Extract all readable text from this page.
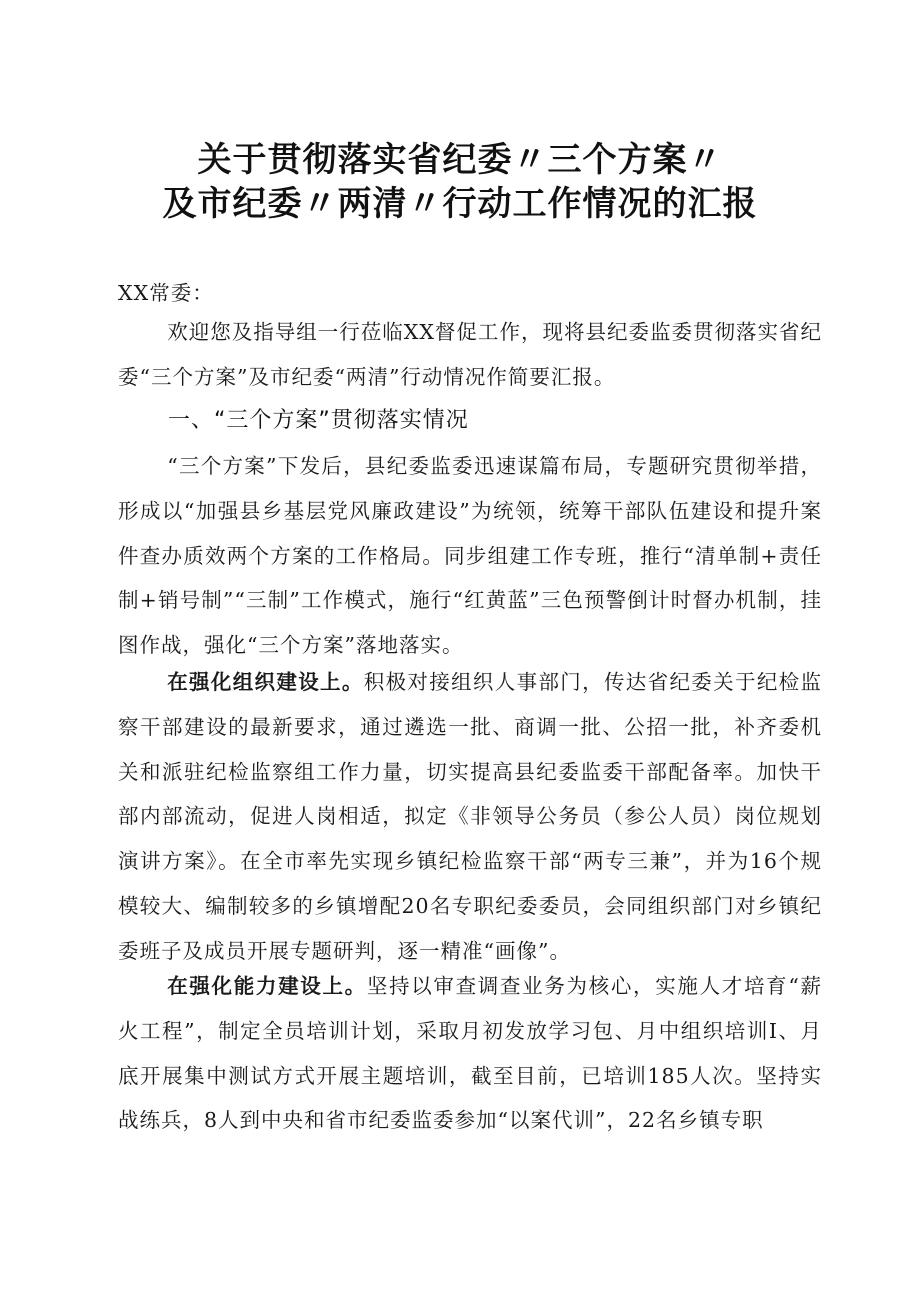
关于贯彻落实省纪委〃三个方案〃
及市纪委〃两清〃行动工作情况的汇报
XX常委：
欢迎您及指导组一行莅临XX督促工作，现将县纪委监委贯彻落实省纪委“三个方案”及市纪委“两清”行动情况作简要汇报。
一、“三个方案”贯彻落实情况
“三个方案”下发后，县纪委监委迅速谋篇布局，专题研究贯彻举措，形成以“加强县乡基层党风廉政建设”为统领，统筹干部队伍建设和提升案件查办质效两个方案的工作格局。同步组建工作专班，推行“清单制+责任制+销号制”“三制”工作模式，施行“红黄蓝”三色预警倒计时督办机制，挂图作战，强化“三个方案”落地落实。
在强化组织建设上。积极对接组织人事部门，传达省纪委关于纪检监察干部建设的最新要求，通过遴选一批、商调一批、公招一批，补齐委机关和派驻纪检监察组工作力量，切实提高县纪委监委干部配备率。加快干部内部流动，促进人岗相适，拟定《非领导公务员（参公人员）岗位规划演讲方案》。在全市率先实现乡镇纪检监察干部“两专三兼”，并为16个规模较大、编制较多的乡镇增配20名专职纪委委员，会同组织部门对乡镇纪委班子及成员开展专题研判，逐一精准“画像”。
在强化能力建设上。坚持以审查调查业务为核心，实施人才培育“薪火工程”，制定全员培训计划，采取月初发放学习包、月中组织培训I、月底开展集中测试方式开展主题培训，截至目前，已培训185人次。坚持实战练兵，8人到中央和省市纪委监委参加“以案代训”，22名乡镇专职
